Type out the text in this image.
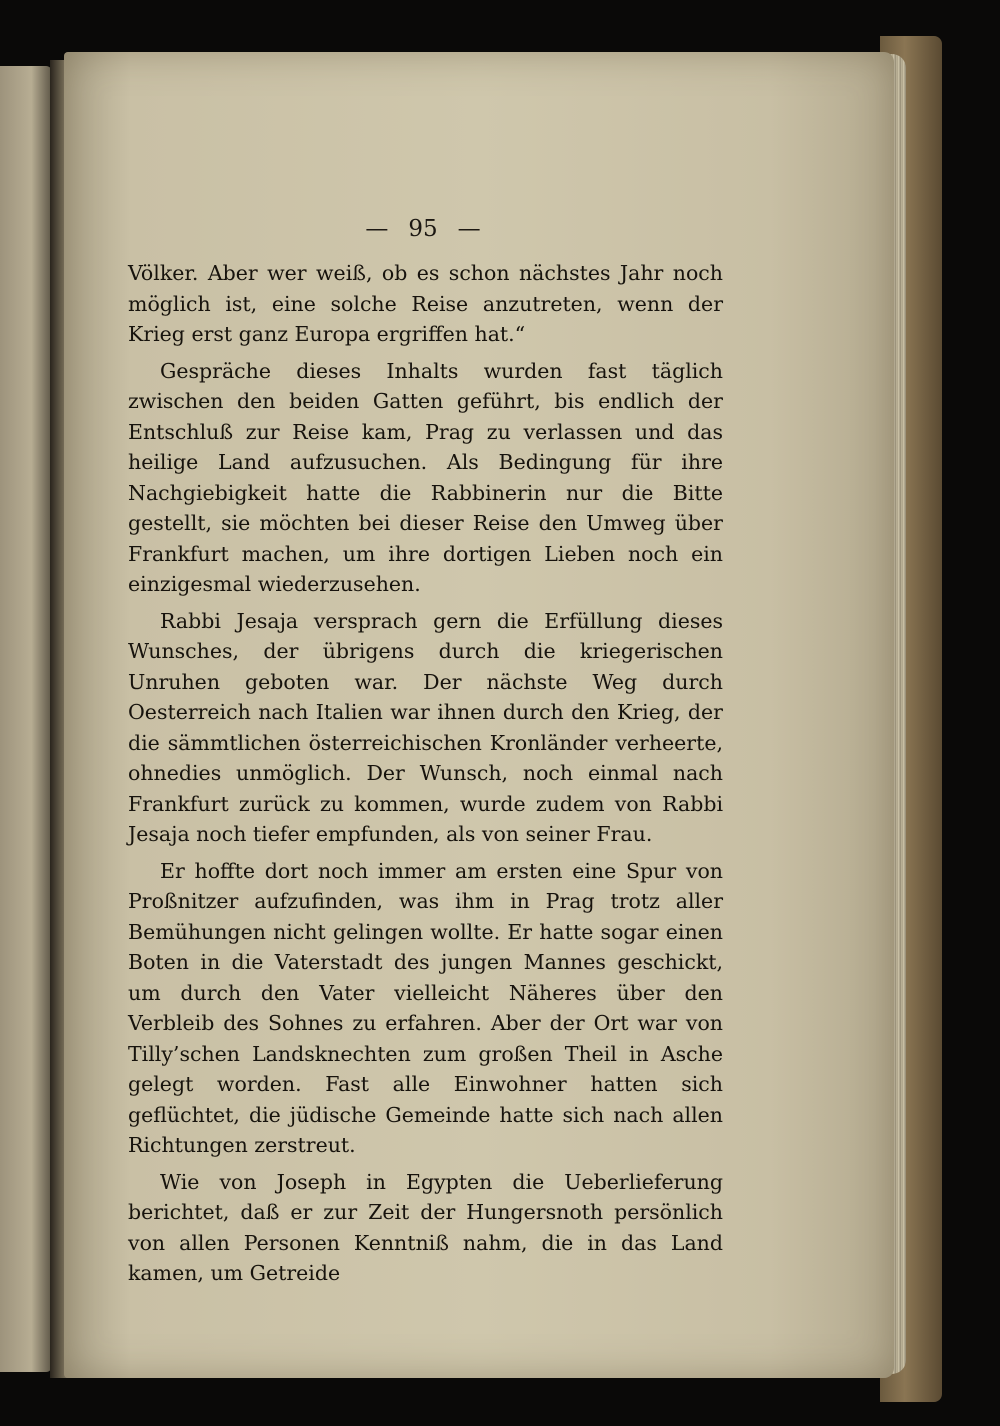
— 95 —

Völker. Aber wer weiß, ob es schon nächstes Jahr noch möglich ist, eine solche Reise anzutreten, wenn der Krieg erst ganz Europa ergriffen hat.“

Gespräche dieses Inhalts wurden fast täglich zwischen den beiden Gatten geführt, bis endlich der Entschluß zur Reise kam, Prag zu verlassen und das heilige Land aufzusuchen. Als Bedingung für ihre Nachgiebigkeit hatte die Rabbinerin nur die Bitte gestellt, sie möchten bei dieser Reise den Umweg über Frankfurt machen, um ihre dortigen Lieben noch ein einzigesmal wiederzusehen.

Rabbi Jesaja versprach gern die Erfüllung dieses Wunsches, der übrigens durch die kriegerischen Unruhen geboten war. Der nächste Weg durch Oesterreich nach Italien war ihnen durch den Krieg, der die sämmtlichen österreichischen Kronländer verheerte, ohnedies unmöglich. Der Wunsch, noch einmal nach Frankfurt zurück zu kommen, wurde zudem von Rabbi Jesaja noch tiefer empfunden, als von seiner Frau.

Er hoffte dort noch immer am ersten eine Spur von Proßnitzer aufzufinden, was ihm in Prag trotz aller Bemühungen nicht gelingen wollte. Er hatte sogar einen Boten in die Vaterstadt des jungen Mannes geschickt, um durch den Vater vielleicht Näheres über den Verbleib des Sohnes zu erfahren. Aber der Ort war von Tilly’schen Landsknechten zum großen Theil in Asche gelegt worden. Fast alle Einwohner hatten sich geflüchtet, die jüdische Gemeinde hatte sich nach allen Richtungen zerstreut.

Wie von Joseph in Egypten die Ueberlieferung berichtet, daß er zur Zeit der Hungersnoth persönlich von allen Personen Kenntniß nahm, die in das Land kamen, um Getreide
